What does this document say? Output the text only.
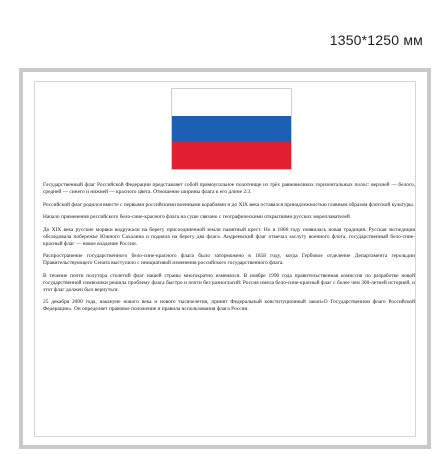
1350*1250 мм

Государственный флаг Российской Федерации представляет собой прямоугольное полотнище из трёх равновеликих горизонтальных полос: верхней — белого, средней — синего и нижней — красного цвета. Отношение ширины флага к его длине 2:3.

Российский флаг родился вместе с первыми российскими военными кораблями и до XIX века оставался принадлежностью главным образом флотской культуры.

Начало применения российского бело-сине-красного флага на суше связано с географическими открытиями русских мореплавателей.

До XIX века русские моряки водружали на берегу присоединенной земли памятный крест. Но в 1806 году появилась новая традиция. Русская экспедиция обследовала побережье Южного Сахалина и подняла на берегу два флага. Андреевский флаг отмечал заслугу военного флота, государственный бело-сине-красный флаг — новое владение России.

Распространение государственного бело-сине-красного флага было заторможено в 1858 году, когда Гербовое отделение Департамента герольдии Правительствующего Сената выступило с инициативой изменения российского государственного флага.

В течение почти полутора столетий флаг нашей страны многократно изменялся. В ноябре 1990 года правительственная комиссия по разработке новой государственной символики решила проблему флага быстро и почти без разногласий: Россия имела бело-сине-красный флаг с более чем 300-летней историей, и этот флаг должен был вернуться.

25 декабря 2000 года, накануне нового века и нового тысячелетия, принят Федеральный конституционный закон«О Государственном флаге Российской Федерации». Он определяет правовое положение и правила использования флага России.
